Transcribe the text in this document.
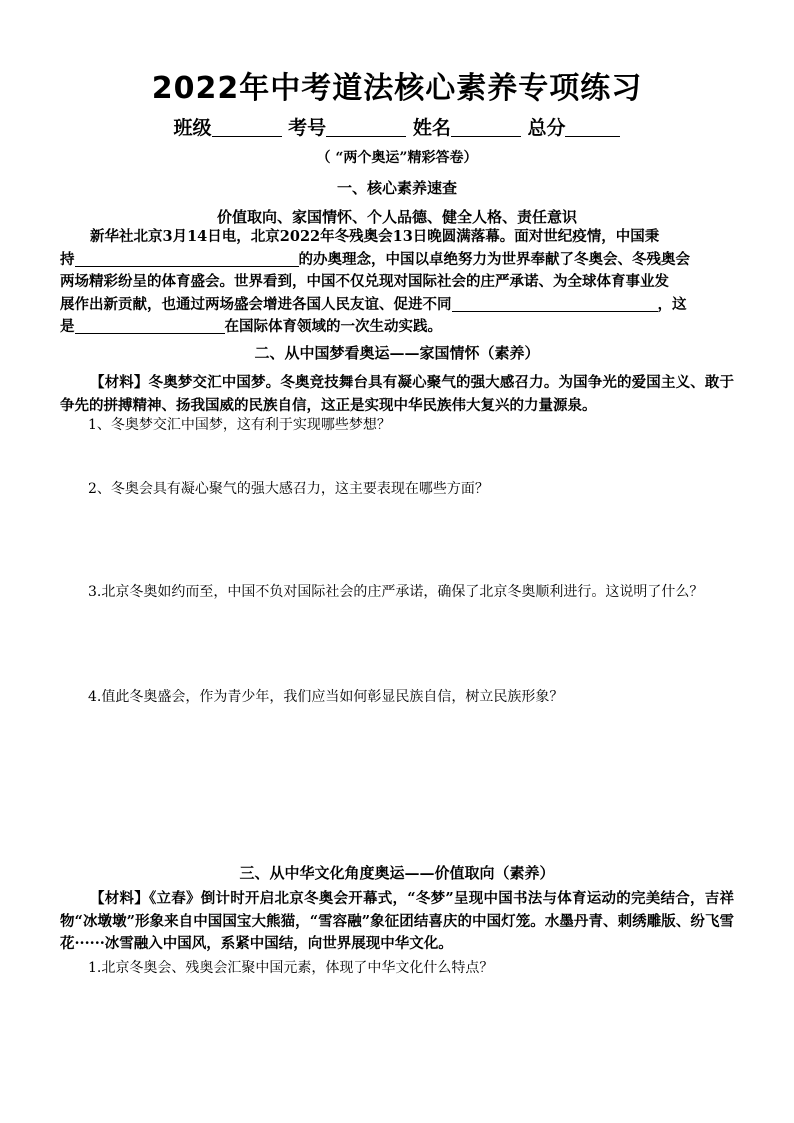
2022年中考道法核心素养专项练习
班级	考号	姓名	总分
（ “两个奥运”精彩答卷）
一、核心素养速查
价值取向、家国情怀、个人品德、健全人格、责任意识
新华社北京3月14日电，北京2022年冬残奥会13日晚圆满落幕。面对世纪疫情，中国秉
持	的办奥理念，中国以卓绝努力为世界奉献了冬奥会、冬残奥会
两场精彩纷呈的体育盛会。世界看到，中国不仅兑现对国际社会的庄严承诺、为全球体育事业发
展作出新贡献，也通过两场盛会增进各国人民友谊、促进不同	，这
是	在国际体育领域的一次生动实践。
二、从中国梦看奥运——家国情怀（素养）
【材料】冬奥梦交汇中国梦。冬奥竞技舞台具有凝心聚气的强大感召力。为国争光的爱国主义、敢于争先的拼搏精神、扬我国威的民族自信，这正是实现中华民族伟大复兴的力量源泉。
1、冬奥梦交汇中国梦，这有利于实现哪些梦想？
2、冬奥会具有凝心聚气的强大感召力，这主要表现在哪些方面？
3.北京冬奥如约而至，中国不负对国际社会的庄严承诺，确保了北京冬奥顺利进行。这说明了什么？
4.值此冬奥盛会，作为青少年，我们应当如何彰显民族自信，树立民族形象？
三、从中华文化角度奥运——价值取向（素养）
【材料】《立春》倒计时开启北京冬奥会开幕式，“冬梦”呈现中国书法与体育运动的完美结合，吉祥物“冰墩墩”形象来自中国国宝大熊猫，“雪容融”象征团结喜庆的中国灯笼。水墨丹青、刺绣雕版、纷飞雪花······冰雪融入中国风，系紧中国结，向世界展现中华文化。
1.北京冬奥会、残奥会汇聚中国元素，体现了中华文化什么特点？
